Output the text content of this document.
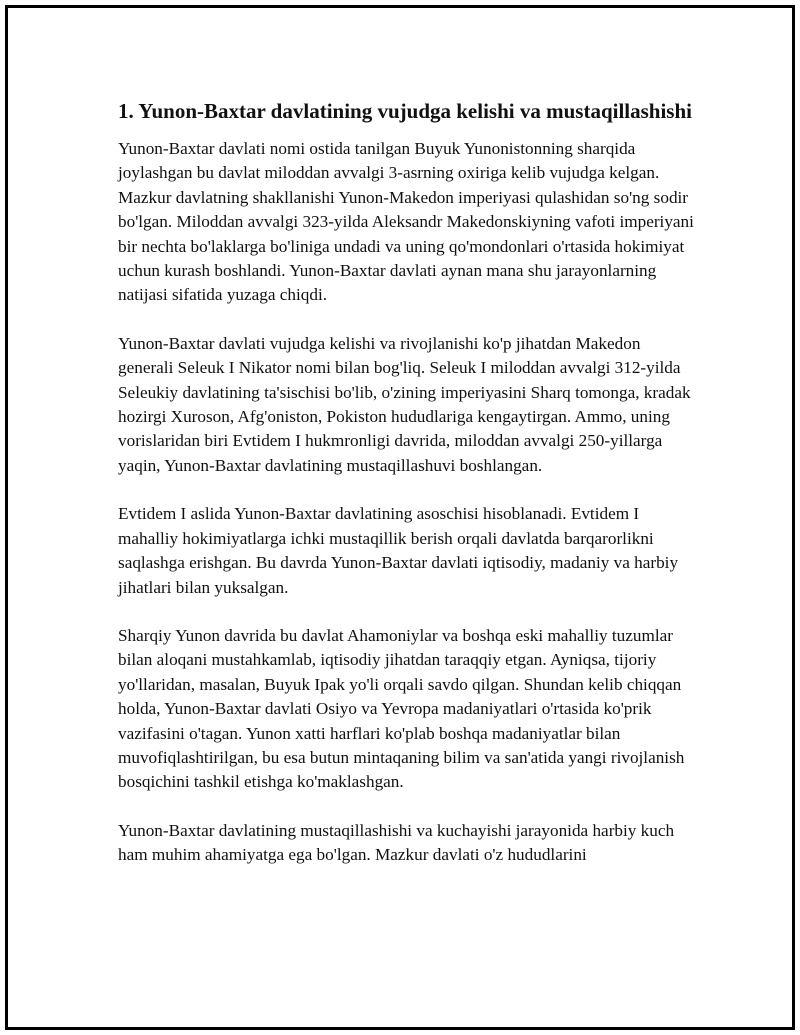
1. Yunon-Baxtar davlatining vujudga kelishi va mustaqillashishi

Yunon-Baxtar davlati nomi ostida tanilgan Buyuk Yunonistonning sharqida joylashgan bu davlat miloddan avvalgi 3-asrning oxiriga kelib vujudga kelgan. Mazkur davlatning shakllanishi Yunon-Makedon imperiyasi qulashidan so'ng sodir bo'lgan. Miloddan avvalgi 323-yilda Aleksandr Makedonskiyning vafoti imperiyani bir nechta bo'laklarga bo'liniga undadi va uning qo'mondonlari o'rtasida hokimiyat uchun kurash boshlandi. Yunon-Baxtar davlati aynan mana shu jarayonlarning natijasi sifatida yuzaga chiqdi.

Yunon-Baxtar davlati vujudga kelishi va rivojlanishi ko'p jihatdan Makedon generali Seleuk I Nikator nomi bilan bog'liq. Seleuk I miloddan avvalgi 312-yilda Seleukiy davlatining ta'sischisi bo'lib, o'zining imperiyasini Sharq tomonga, kradak hozirgi Xuroson, Afg'oniston, Pokiston hududlariga kengaytirgan. Ammo, uning vorislaridan biri Evtidem I hukmronligi davrida, miloddan avvalgi 250-yillarga yaqin, Yunon-Baxtar davlatining mustaqillashuvi boshlangan.

Evtidem I aslida Yunon-Baxtar davlatining asoschisi hisoblanadi. Evtidem I mahalliy hokimiyatlarga ichki mustaqillik berish orqali davlatda barqarorlikni saqlashga erishgan. Bu davrda Yunon-Baxtar davlati iqtisodiy, madaniy va harbiy jihatlari bilan yuksalgan.

Sharqiy Yunon davrida bu davlat Ahamoniylar va boshqa eski mahalliy tuzumlar bilan aloqani mustahkamlab, iqtisodiy jihatdan taraqqiy etgan. Ayniqsa, tijoriy yo'llaridan, masalan, Buyuk Ipak yo'li orqali savdo qilgan. Shundan kelib chiqqan holda, Yunon-Baxtar davlati Osiyo va Yevropa madaniyatlari o'rtasida ko'prik vazifasini o'tagan. Yunon xatti harflari ko'plab boshqa madaniyatlar bilan muvofiqlashtirilgan, bu esa butun mintaqaning bilim va san'atida yangi rivojlanish bosqichini tashkil etishga ko'maklashgan.

Yunon-Baxtar davlatining mustaqillashishi va kuchayishi jarayonida harbiy kuch ham muhim ahamiyatga ega bo'lgan. Mazkur davlati o'z hududlarini
